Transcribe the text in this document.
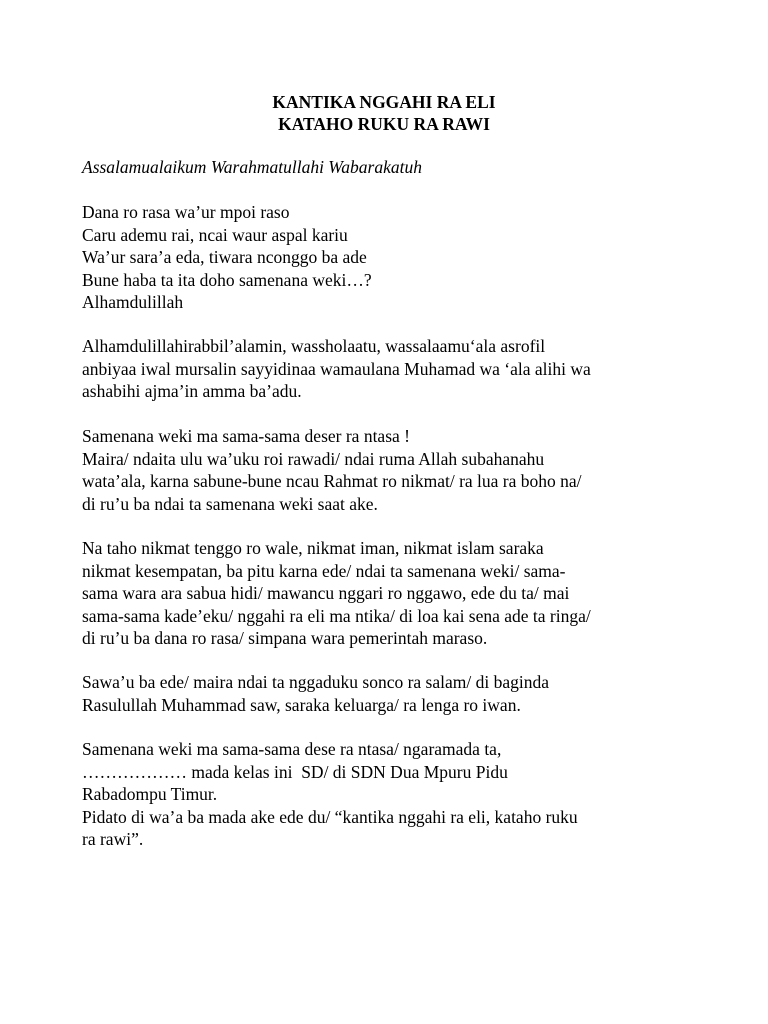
KANTIKA NGGAHI RA ELI
KATAHO RUKU RA RAWI
Assalamualaikum Warahmatullahi Wabarakatuh
Dana ro rasa wa’ur mpoi raso
Caru ademu rai, ncai waur aspal kariu
Wa’ur sara’a eda, tiwara nconggo ba ade
Bune haba ta ita doho samenana weki…?
Alhamdulillah
Alhamdulillahirabbil’alamin, wassholaatu, wassalaamu‘ala asrofil
anbiyaa iwal mursalin sayyidinaa wamaulana Muhamad wa ‘ala alihi wa
ashabihi ajma’in amma ba’adu.
Samenana weki ma sama-sama deser ra ntasa !
Maira/ ndaita ulu wa’uku roi rawadi/ ndai ruma Allah subahanahu
wata’ala, karna sabune-bune ncau Rahmat ro nikmat/ ra lua ra boho na/
di ru’u ba ndai ta samenana weki saat ake.
Na taho nikmat tenggo ro wale, nikmat iman, nikmat islam saraka
nikmat kesempatan, ba pitu karna ede/ ndai ta samenana weki/ sama-
sama wara ara sabua hidi/ mawancu nggari ro nggawo, ede du ta/ mai
sama-sama kade’eku/ nggahi ra eli ma ntika/ di loa kai sena ade ta ringa/
di ru’u ba dana ro rasa/ simpana wara pemerintah maraso.
Sawa’u ba ede/ maira ndai ta nggaduku sonco ra salam/ di baginda
Rasulullah Muhammad saw, saraka keluarga/ ra lenga ro iwan.
Samenana weki ma sama-sama dese ra ntasa/ ngaramada ta,
……………… mada kelas ini  SD/ di SDN Dua Mpuru Pidu
Rabadompu Timur.
Pidato di wa’a ba mada ake ede du/ “kantika nggahi ra eli, kataho ruku
ra rawi”.
